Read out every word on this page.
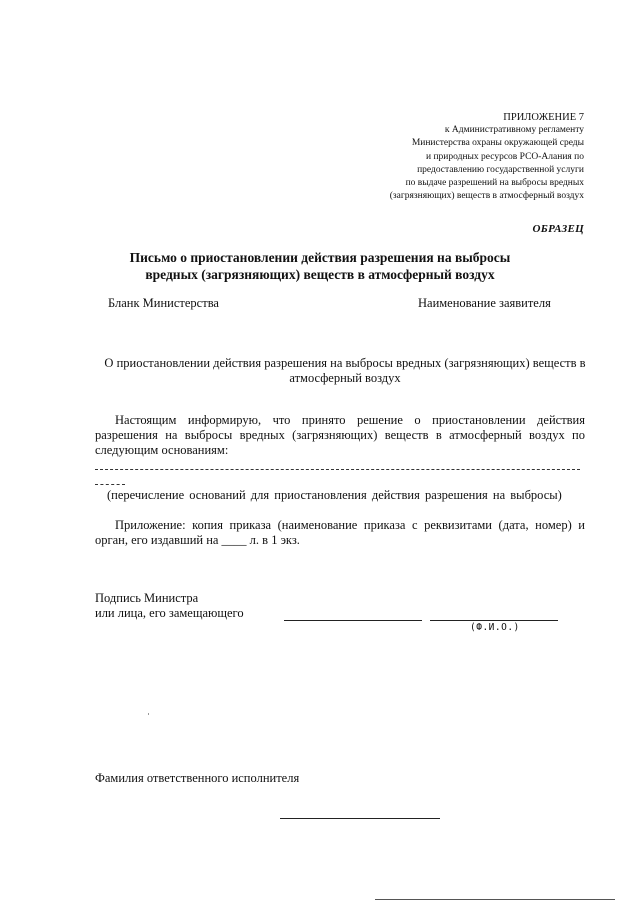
ПРИЛОЖЕНИЕ 7
к Административному регламенту
Министерства охраны окружающей среды
и природных ресурсов РСО-Алания по
предоставлению государственной услуги
по выдаче разрешений на выбросы вредных
(загрязняющих) веществ в атмосферный воздух
ОБРАЗЕЦ
Письмо о приостановлении действия разрешения на выбросы
вредных (загрязняющих) веществ в атмосферный воздух
Бланк Министерства	Наименование заявителя
О приостановлении действия разрешения на выбросы вредных (загрязняющих) веществ в
атмосферный воздух
Настоящим информирую, что принято решение о приостановлении действия разрешения на выбросы вредных (загрязняющих) веществ в атмосферный воздух по следующим основаниям:
(перечисление оснований для приостановления действия разрешения на выбросы)
Приложение: копия приказа (наименование приказа с реквизитами (дата, номер) и орган, его издавший на ____ л. в 1 экз.
Подпись Министра
или лица, его замещающего
(Ф.И.О.)
Фамилия ответственного исполнителя
